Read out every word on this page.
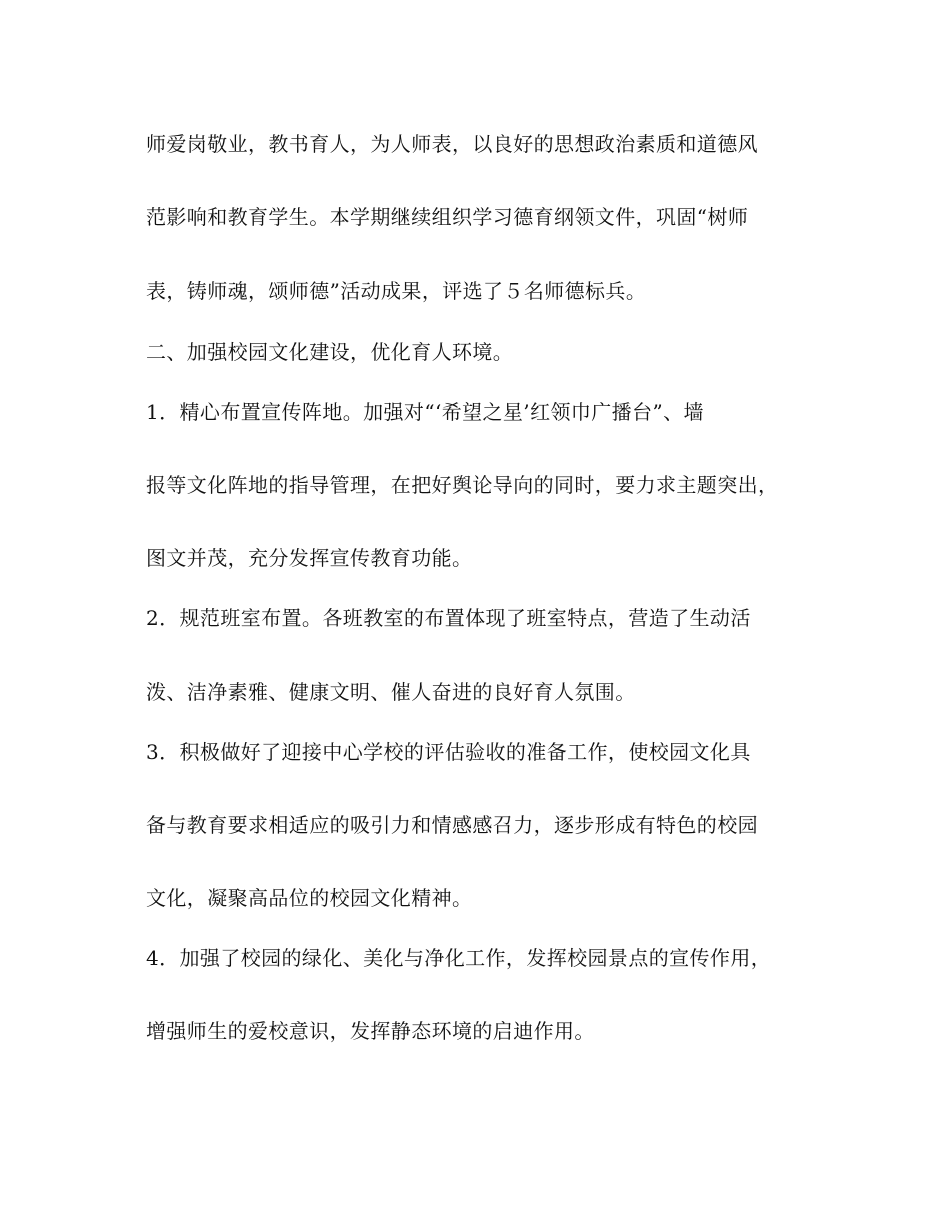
师爱岗敬业，教书育人，为人师表，以良好的思想政治素质和道德风

范影响和教育学生。本学期继续组织学习德育纲领文件，巩固“树师

表，铸师魂，颂师德”活动成果，评选了５名师德标兵。

二、加强校园文化建设，优化育人环境。

1．精心布置宣传阵地。加强对“‘希望之星’红领巾广播台”、墙

报等文化阵地的指导管理，在把好舆论导向的同时，要力求主题突出，

图文并茂，充分发挥宣传教育功能。

2．规范班室布置。各班教室的布置体现了班室特点，营造了生动活

泼、洁净素雅、健康文明、催人奋进的良好育人氛围。

3．积极做好了迎接中心学校的评估验收的准备工作，使校园文化具

备与教育要求相适应的吸引力和情感感召力，逐步形成有特色的校园

文化，凝聚高品位的校园文化精神。

4．加强了校园的绿化、美化与净化工作，发挥校园景点的宣传作用，

增强师生的爱校意识，发挥静态环境的启迪作用。
